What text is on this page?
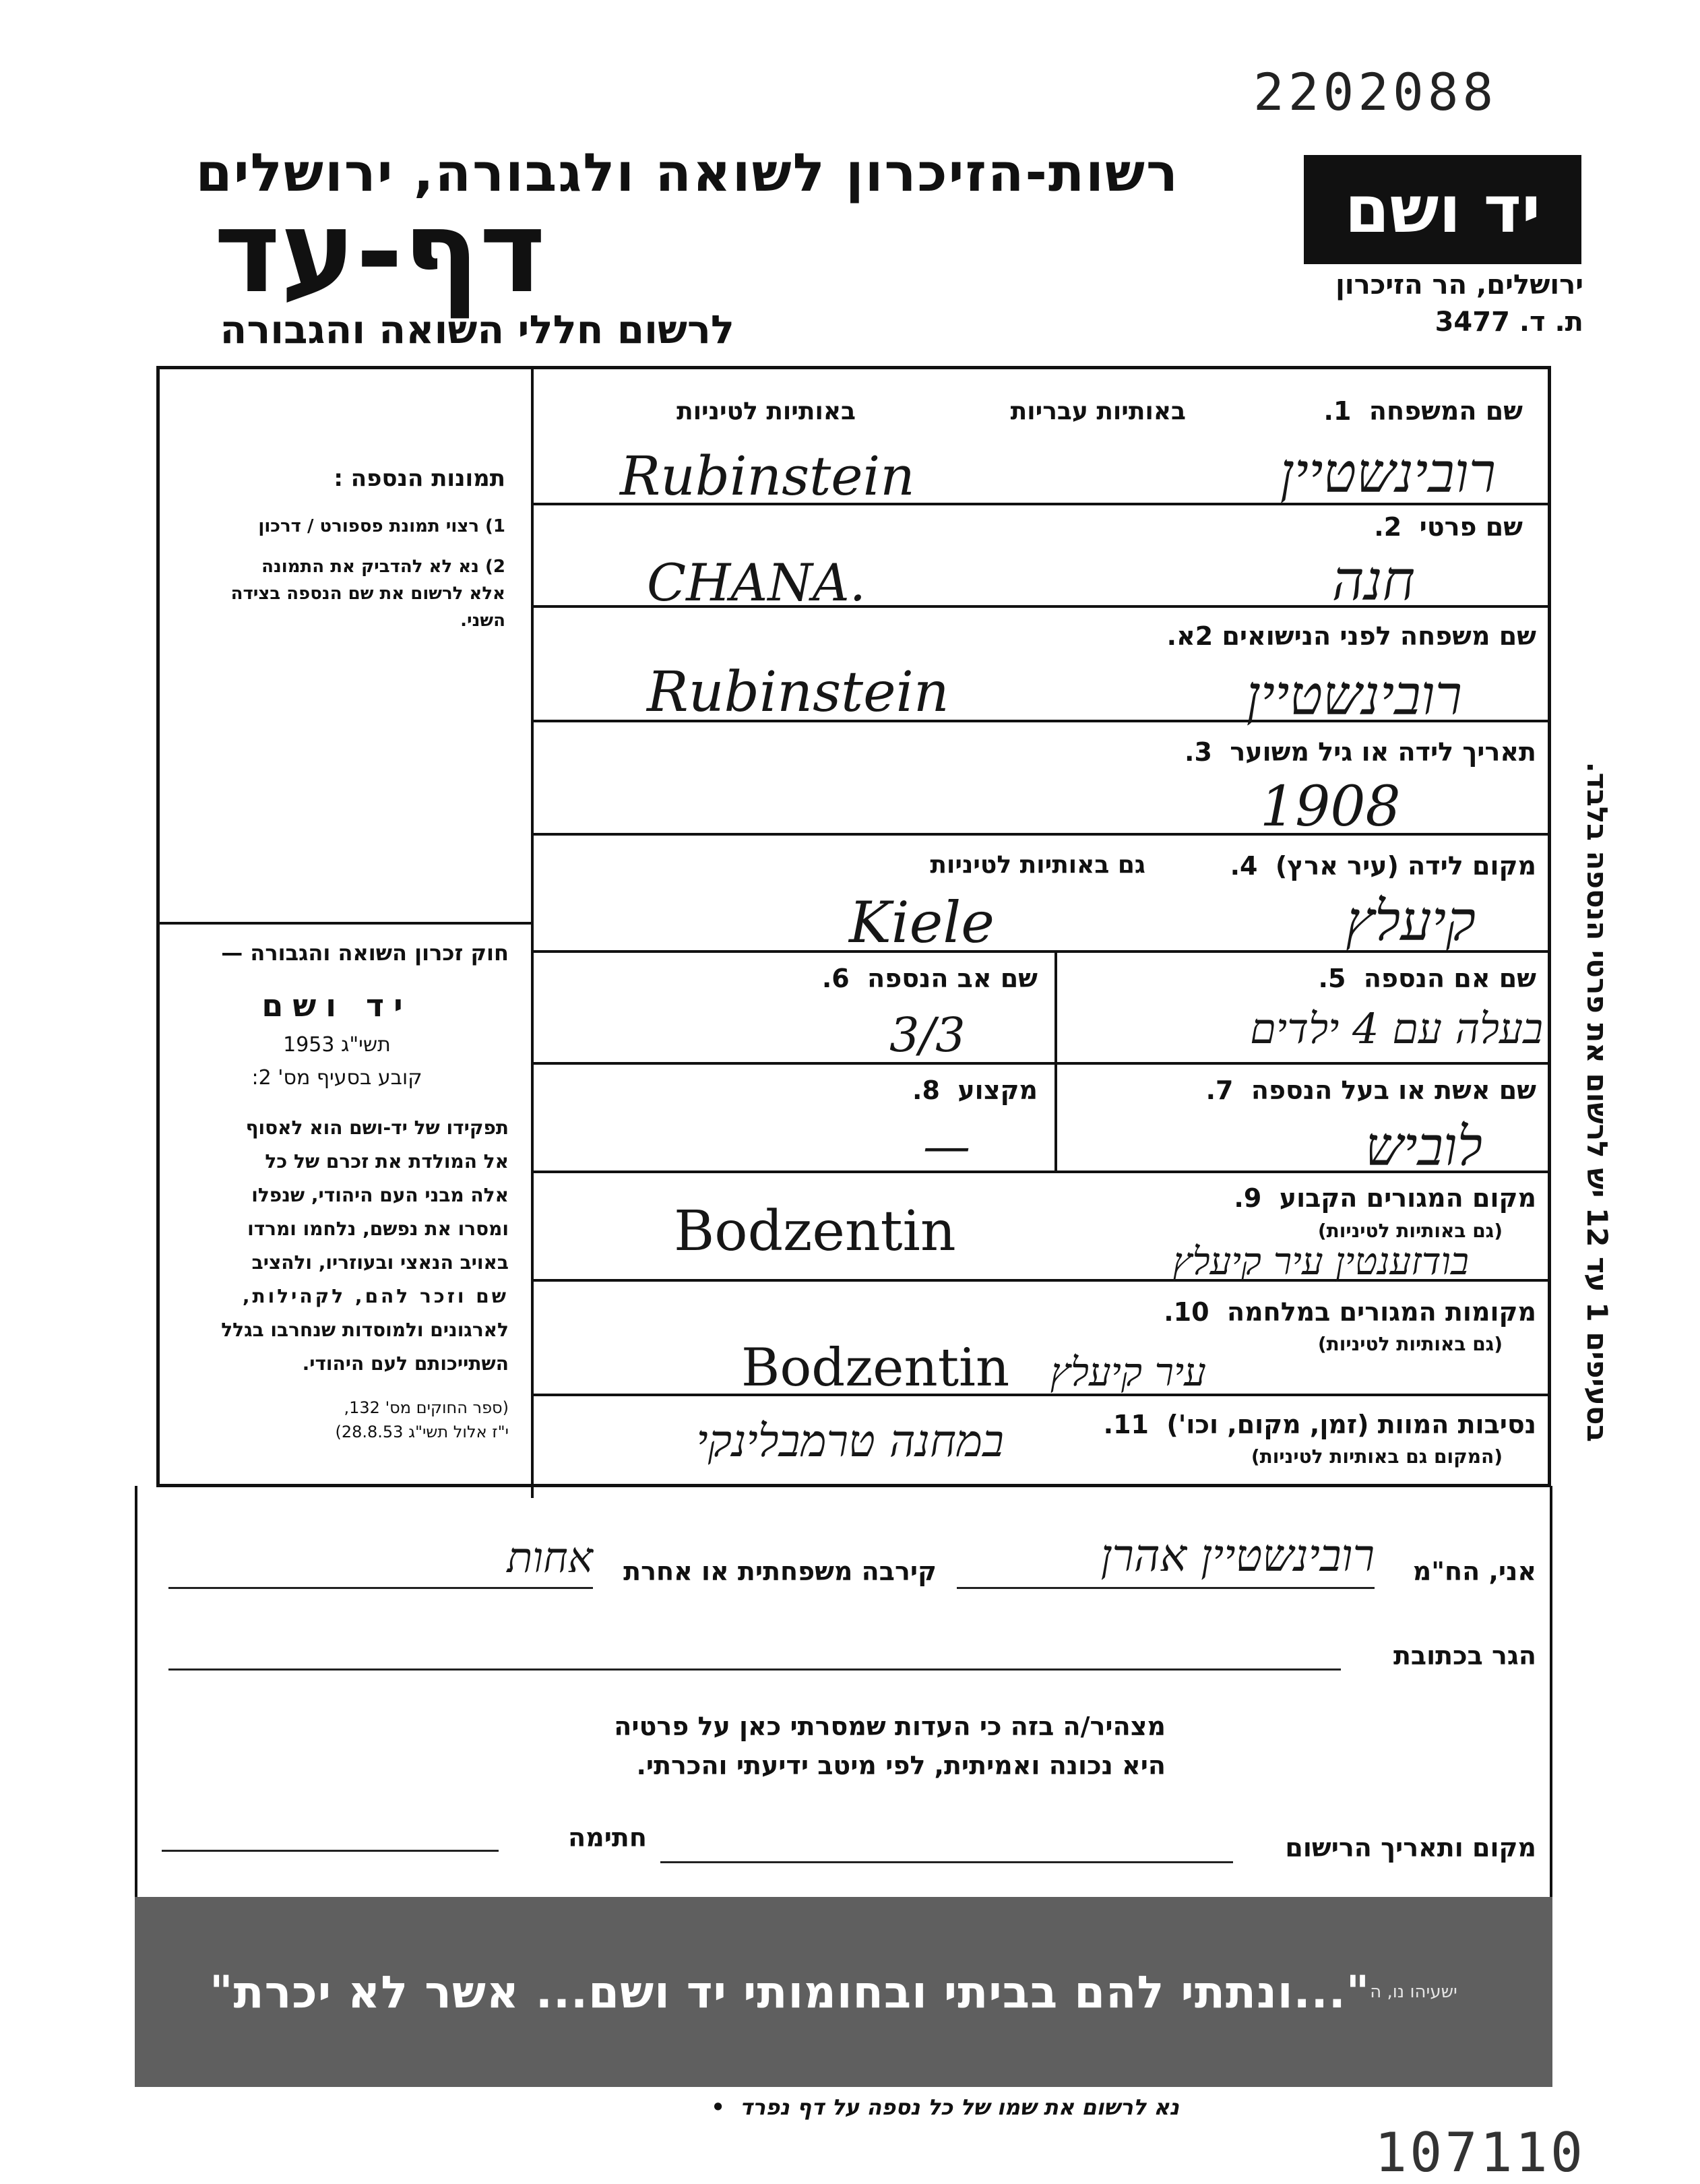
2202088
רשות-הזיכרון לשואה ולגבורה, ירושלים
דף-עד
לרשום חללי השואה והגבורה
יד ושם
ירושלים, הר הזיכרון
ת. ד. 3477
תמונות הנספה :
1) רצוי תמונת פספורט / דרכון
2) נא לא להדביק את התמונה
אלא לרשום את שם הנספה בצידה
השני.
חוק זכרון השואה והגבורה —
יד ושם
תשי"ג 1953
קובע בסעיף מס' 2:
תפקידו של יד-ושם הוא לאסוף
אל המולדת את זכרם של כל
אלה מבני העם היהודי, שנפלו
ומסרו את נפשם, נלחמו ומרדו
באויב הנאצי ובעוזריו, ולהציב
שם וזכר להם, לקהילות,
לארגונים ולמוסדות שנחרבו בגלל
השתייכותם לעם היהודי.
(ספר החוקים מס' 132,
י"ז אלול תשי"ג 28.8.53)
שם המשפחה  1.
באותיות עבריות
באותיות לטיניות
Rubinstein	רובינשטיין
שם פרטי  2.
CHANA.	חנה
שם משפחה לפני הנישואים 2א.
Rubinstein	רובינשטיין
תאריך לידה או גיל משוער  3.
1908
מקום לידה (עיר ארץ)  4.
גם באותיות לטיניות
Kiele	קיעלץ
שם אם הנספה  5.
בעלה עם 4 ילדים
שם אב הנספה  6.
3/3
שם אשת או בעל הנספה  7.
לוביש
מקצוע  8.
—
מקום המגורים הקבוע  9.
(גם באותיות לטיניות)
Bodzentin	בודזענטין עיר קיעלץ
מקומות המגורים במלחמה  10.
(גם באותיות לטיניות)
Bodzentin	עיר קיעלץ
נסיבות המוות (זמן, מקום, וכו')  11.
(המקום גם באותיות לטיניות)
במחנה טרמבלינקי
אני, הח"מ
רובינשטיין אהרן
קירבה משפחתית או אחרת
אחות
הגר בכתובת
מצהיר/ה בזה כי העדות שמסרתי כאן על פרטיה
היא נכונה ואמיתית, לפי מיטב ידיעתי והכרתי.
מקום ותאריך הרישום
חתימה
"...ונתתי להם בביתי ובחומותי יד ושם... אשר לא יכרת" ישעיהו נו, ה
בסעיפים 1 עד 12 יש לרשום את פרטי הנספה בלבד.
נא לרשום את שמו של כל נספה על דף נפרד  •
107110
